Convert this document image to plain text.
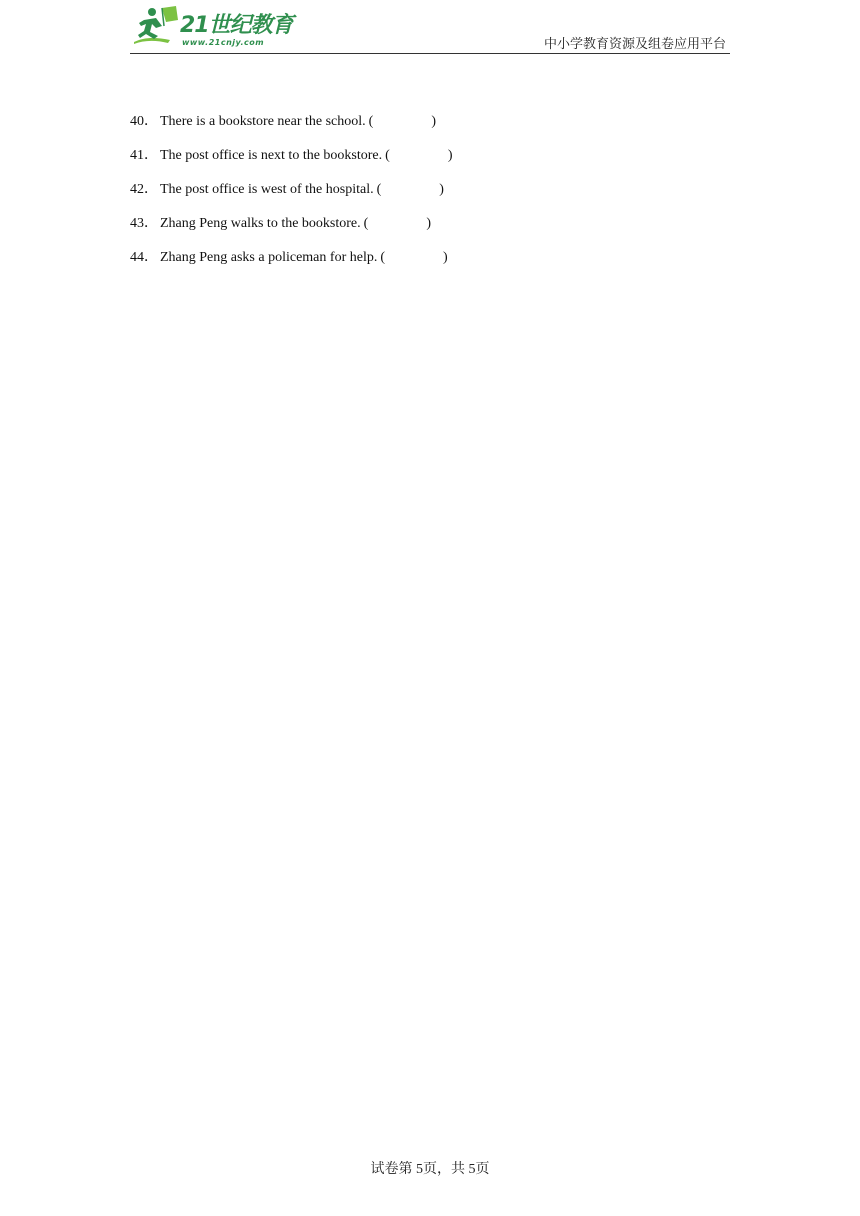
21世纪教育
www.21cnjy.com	中小学教育资源及组卷应用平台
40． There is a bookstore near the school. (	)
41． The post office is next to the bookstore. (	)
42． The post office is west of the hospital. (	)
43． Zhang Peng walks to the bookstore. (	)
44． Zhang Peng asks a policeman for help. (	)
试卷第 5页，共 5页
